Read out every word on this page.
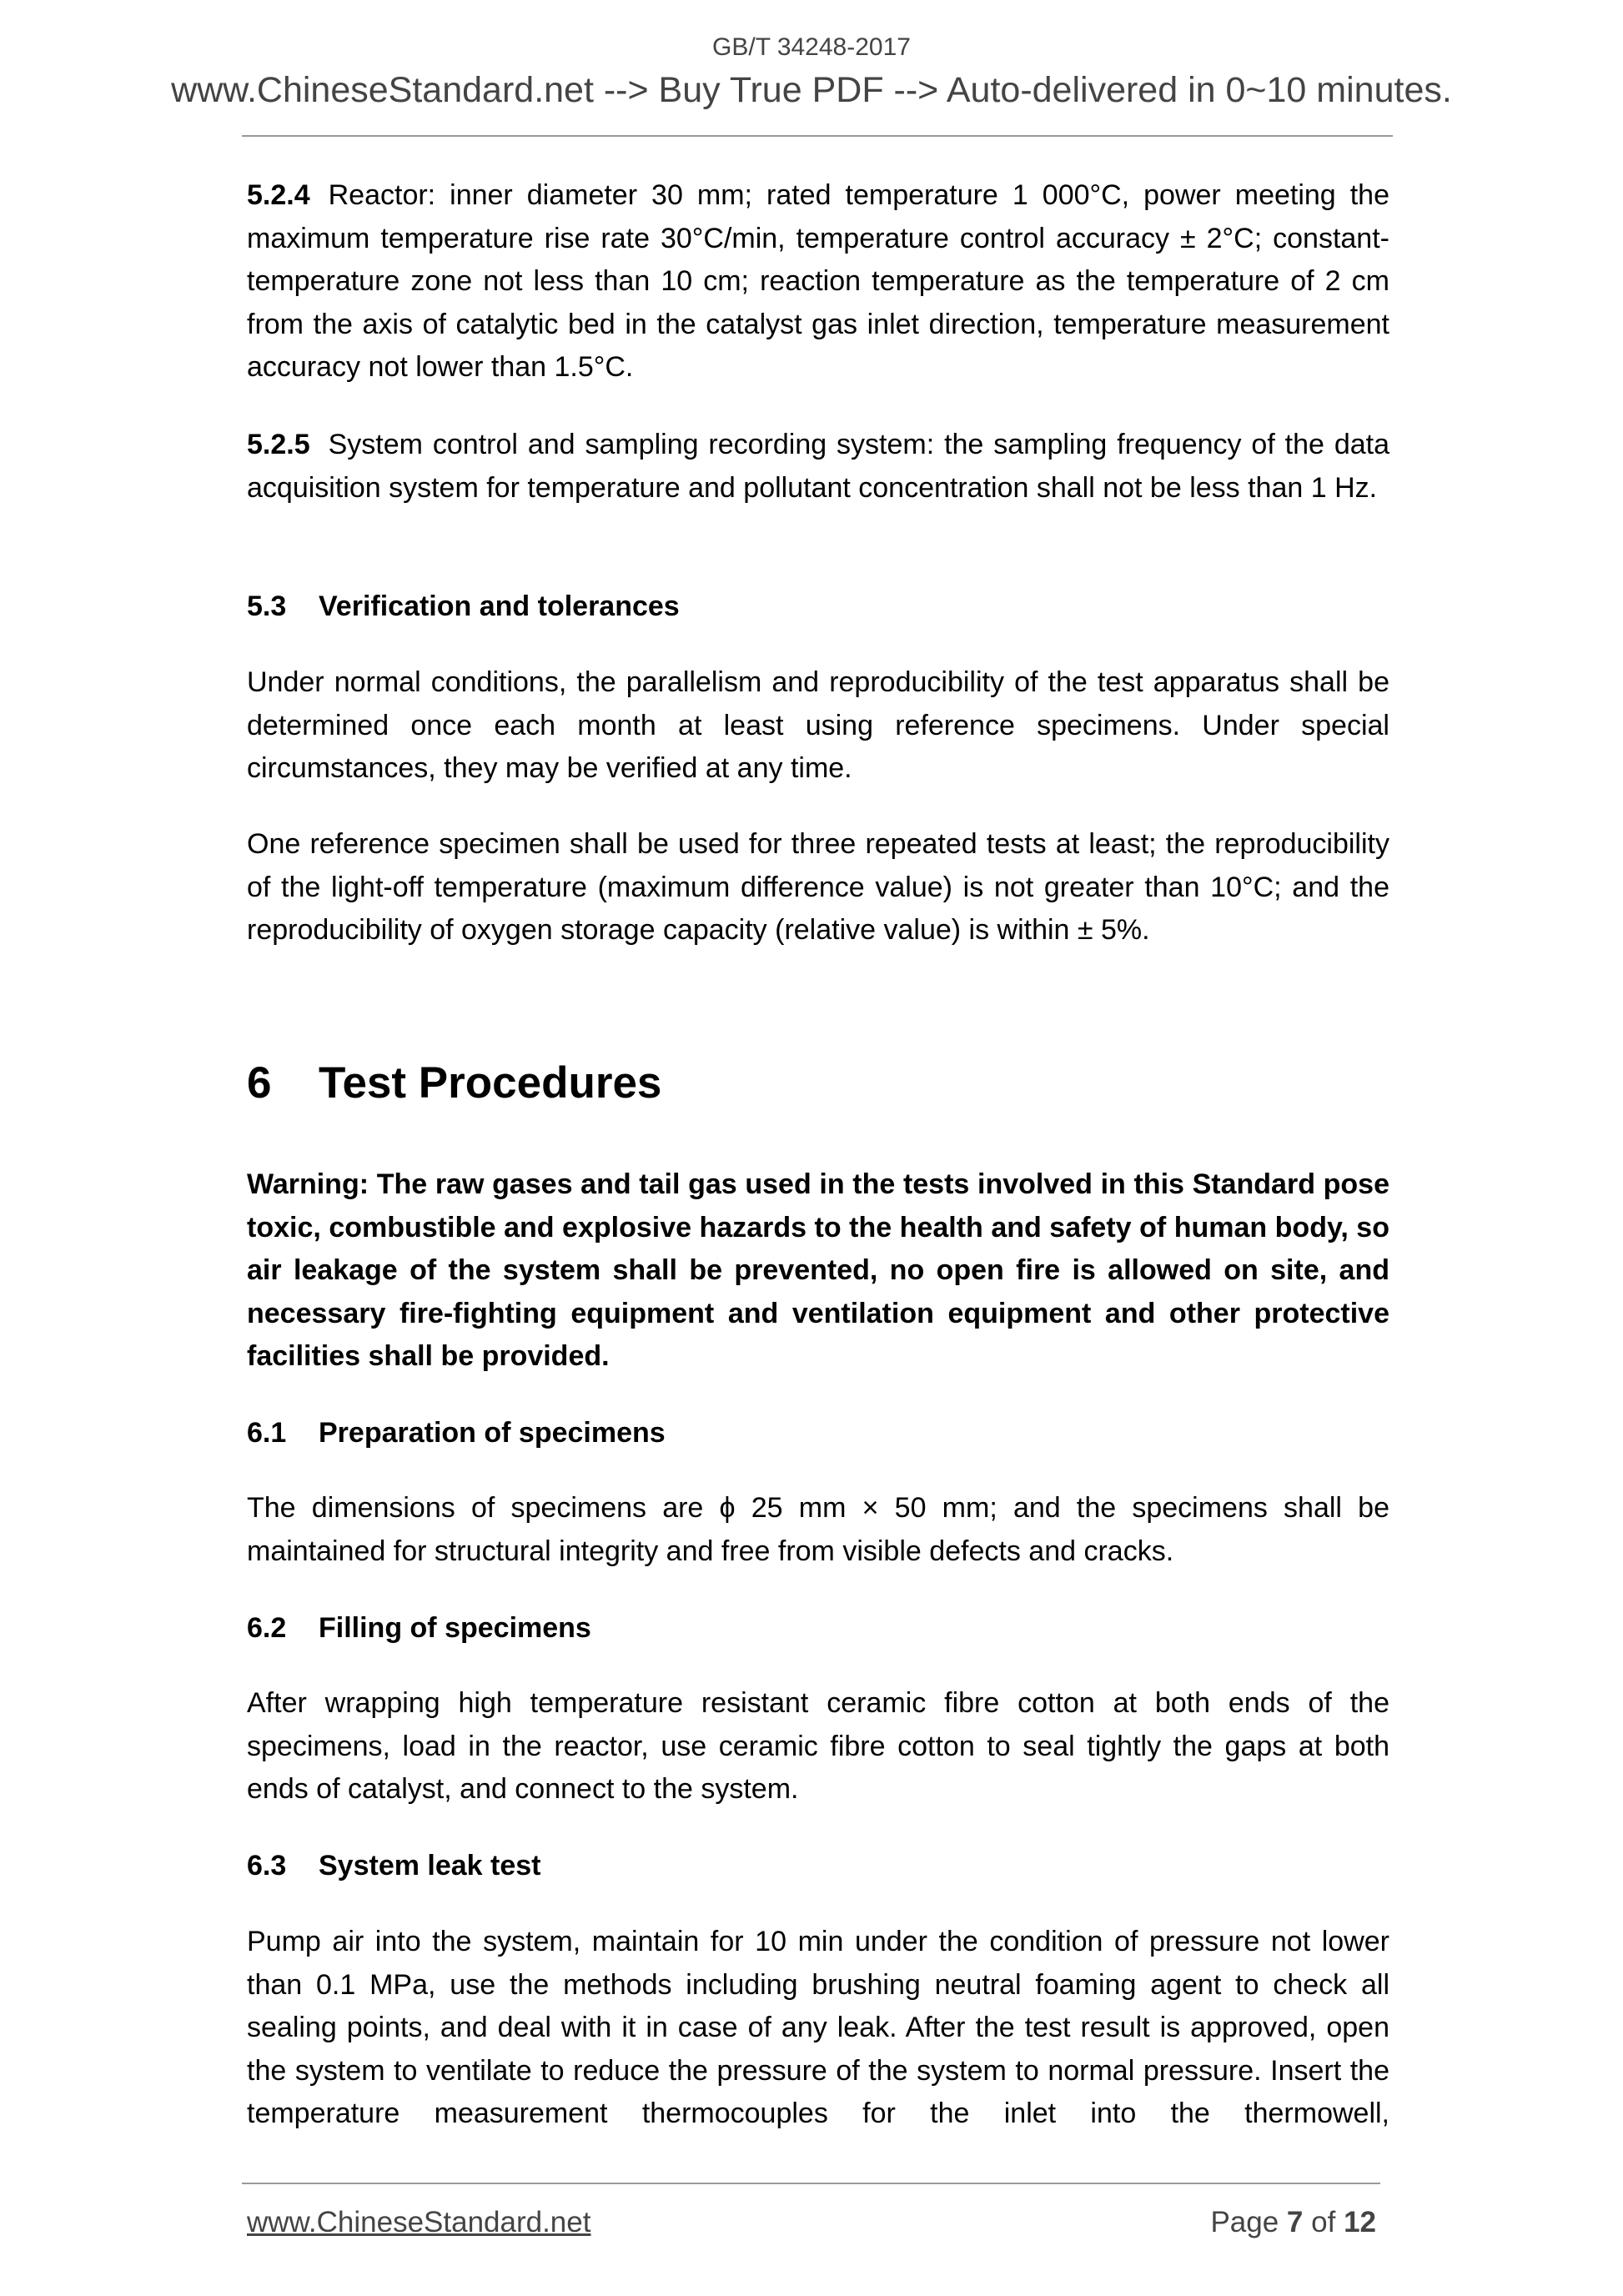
GB/T 34248-2017
www.ChineseStandard.net --> Buy True PDF --> Auto-delivered in 0~10 minutes.
5.2.4 Reactor: inner diameter 30 mm; rated temperature 1 000°C, power meeting the maximum temperature rise rate 30°C/min, temperature control accuracy ± 2°C; constant-temperature zone not less than 10 cm; reaction temperature as the temperature of 2 cm from the axis of catalytic bed in the catalyst gas inlet direction, temperature measurement accuracy not lower than 1.5°C.
5.2.5 System control and sampling recording system: the sampling frequency of the data acquisition system for temperature and pollutant concentration shall not be less than 1 Hz.
5.3 Verification and tolerances
Under normal conditions, the parallelism and reproducibility of the test apparatus shall be determined once each month at least using reference specimens. Under special circumstances, they may be verified at any time.
One reference specimen shall be used for three repeated tests at least; the reproducibility of the light-off temperature (maximum difference value) is not greater than 10°C; and the reproducibility of oxygen storage capacity (relative value) is within ± 5%.
6 Test Procedures
Warning: The raw gases and tail gas used in the tests involved in this Standard pose toxic, combustible and explosive hazards to the health and safety of human body, so air leakage of the system shall be prevented, no open fire is allowed on site, and necessary fire-fighting equipment and ventilation equipment and other protective facilities shall be provided.
6.1 Preparation of specimens
The dimensions of specimens are ϕ 25 mm × 50 mm; and the specimens shall be maintained for structural integrity and free from visible defects and cracks.
6.2 Filling of specimens
After wrapping high temperature resistant ceramic fibre cotton at both ends of the specimens, load in the reactor, use ceramic fibre cotton to seal tightly the gaps at both ends of catalyst, and connect to the system.
6.3 System leak test
Pump air into the system, maintain for 10 min under the condition of pressure not lower than 0.1 MPa, use the methods including brushing neutral foaming agent to check all sealing points, and deal with it in case of any leak. After the test result is approved, open the system to ventilate to reduce the pressure of the system to normal pressure. Insert the temperature measurement thermocouples for the inlet into the thermowell,
www.ChineseStandard.net	Page 7 of 12
